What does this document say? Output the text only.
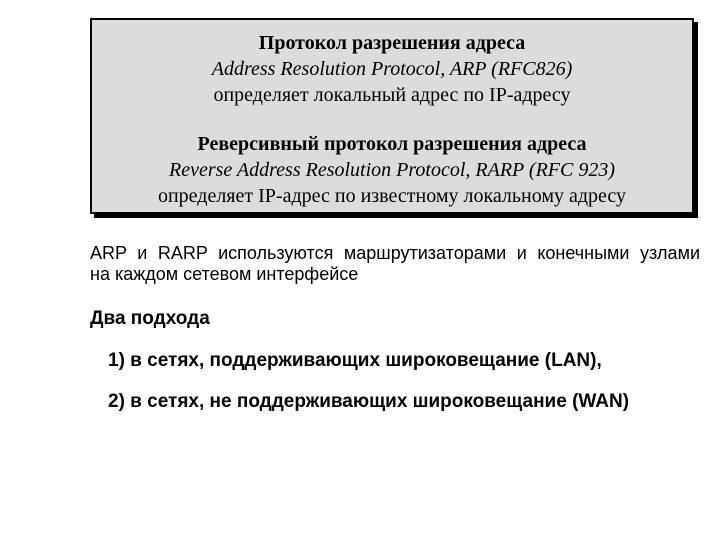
Протокол разрешения адреса
Address Resolution Protocol, ARP (RFC826)
определяет локальный адрес по IP-адресу
Реверсивный протокол разрешения адреса
Reverse Address Resolution Protocol, RARP (RFC 923)
определяет IP-адрес по известному локальному адресу
ARP и RARP используются маршрутизаторами и конечными узлами
на каждом сетевом интерфейсе
Два подхода
1) в сетях, поддерживающих широковещание (LAN),
2) в сетях, не поддерживающих широковещание (WAN)
